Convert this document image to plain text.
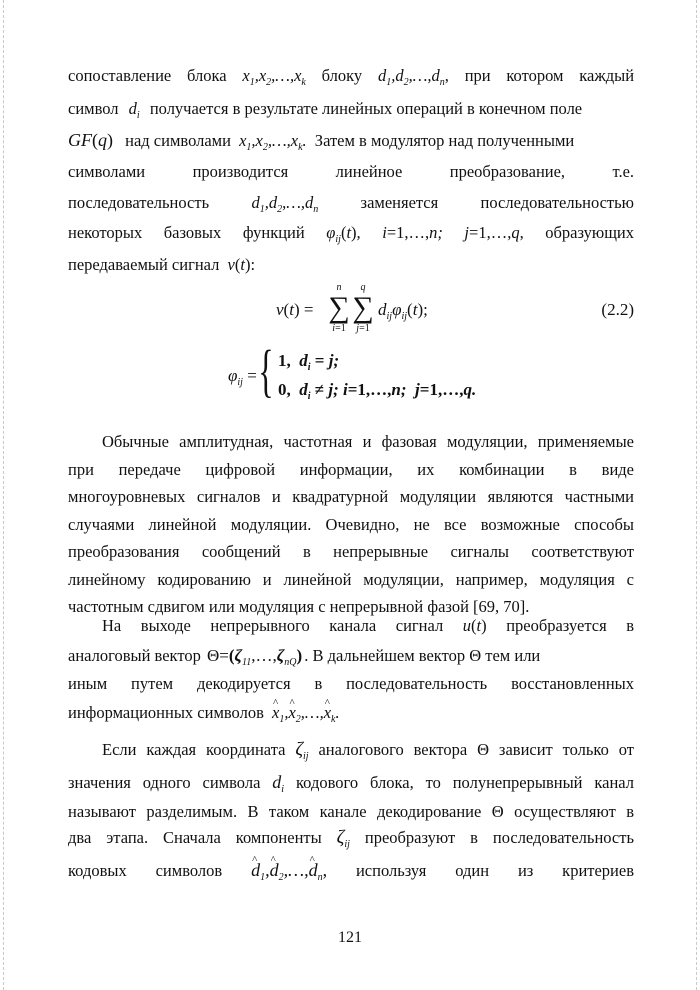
сопоставление блока $x_1,x_2,\dots,x_k$ блоку $d_1,d_2,\dots,d_n$, при котором каждый
символ $d_i$ получается в результате линейных операций в конечном поле
GF(q) над символами $x_1,x_2,\dots,x_k$. Затем в модулятор над полученными
символами	производится	линейное	преобразование,	т.е.
последовательность	$d_1,d_2,\dots,d_n$	заменяется	последовательностью
некоторых базовых функций $\varphi_{ij}(t)$, i=1,…,n; j=1,…,q, образующих
передаваемый сигнал v(t):
v(t) =
n
∑
i=1
q
∑
j=1
$d_{ij}\varphi_{ij}(t)$;	(2.2)
$\varphi_{ij}$ = { 1,  $d_i = j$;
0,  $d_i \ne j$; i=1,…,n;  j=1,…,q.
Обычные амплитудная, частотная и фазовая модуляции, применяемые
при передаче цифровой информации, их комбинации в виде
многоуровневых сигналов и квадратурной модуляции являются частными
случаями линейной модуляции. Очевидно, не все возможные способы
преобразования сообщений в непрерывные сигналы соответствуют
линейному кодированию и линейной модуляции, например, модуляция с
частотным сдвигом или модуляция с непрерывной фазой [69, 70].
На выходе непрерывного канала сигнал u(t) преобразуется в
аналоговый вектор $\Theta=(\zeta_{11},\dots,\zeta_{nQ})$ . В дальнейшем вектор Θ тем или
иным путем декодируется в последовательность восстановленных
информационных символов ^ $x_1,\^{}$ $x_2,\dots,\^{}$ $x_k$.
Если каждая координата $\zeta_{ij}$ аналогового вектора Θ зависит только от
значения одного символа $d_i$ кодового блока, то полунепрерывный канал
называют разделимым. В таком канале декодирование Θ осуществляют в
два этапа. Сначала компоненты $\zeta_{ij}$ преобразуют в последовательность
кодовых символов ^ $d_1,\^{}$ $d_2,\dots,\^{}$ $d_n$, используя один из критериев
121
